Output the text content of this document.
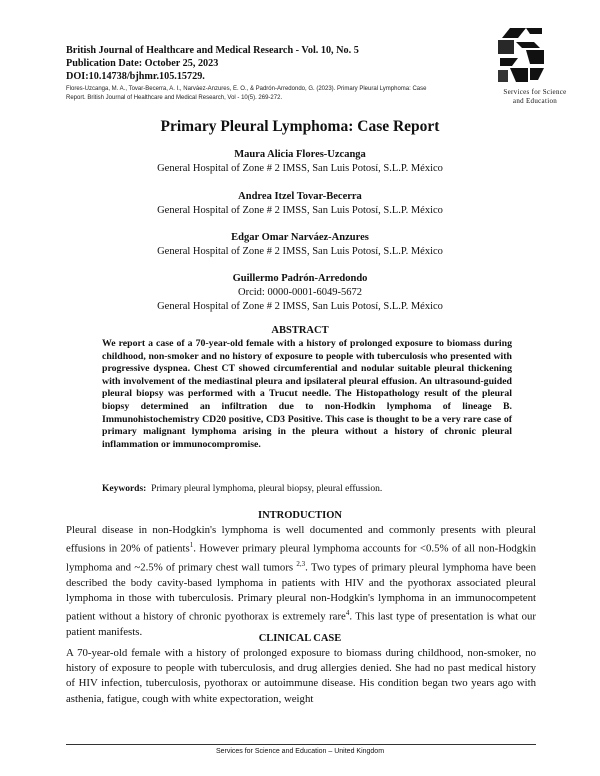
British Journal of Healthcare and Medical Research - Vol. 10, No. 5
Publication Date: October 25, 2023
DOI:10.14738/bjhmr.105.15729.
Flores-Uzcanga, M. A., Tovar-Becerra, A. I., Narváez-Anzures, E. O., & Padrón-Arredondo, G. (2023). Primary Pleural Lymphoma: Case
Report. British Journal of Healthcare and Medical Research, Vol - 10(5). 269-272.
Services for Science
and Education
Primary Pleural Lymphoma: Case Report
Maura Alicia Flores-Uzcanga
General Hospital of Zone # 2 IMSS, San Luis Potosí, S.L.P. México
Andrea Itzel Tovar-Becerra
General Hospital of Zone # 2 IMSS, San Luis Potosí, S.L.P. México
Edgar Omar Narváez-Anzures
General Hospital of Zone # 2 IMSS, San Luis Potosí, S.L.P. México
Guillermo Padrón-Arredondo
Orcid: 0000-0001-6049-5672
General Hospital of Zone # 2 IMSS, San Luis Potosí, S.L.P. México
ABSTRACT
We report a case of a 70-year-old female with a history of prolonged exposure to biomass during childhood, non-smoker and no history of exposure to people with tuberculosis who presented with progressive dyspnea. Chest CT showed circumferential and nodular suitable pleural thickening with involvement of the mediastinal pleura and ipsilateral pleural effusion. An ultrasound-guided pleural biopsy was performed with a Trucut needle. The Histopathology result of the pleural biopsy determined an infiltration due to non-Hodkin lymphoma of lineage B. Immunohistochemistry CD20 positive, CD3 Positive. This case is thought to be a very rare case of primary malignant lymphoma arising in the pleura without a history of chronic pleural inflammation or immunocompromise.
Keywords: Primary pleural lymphoma, pleural biopsy, pleural effussion.
INTRODUCTION
Pleural disease in non-Hodgkin's lymphoma is well documented and commonly presents with pleural effusions in 20% of patients$^1$. However primary pleural lymphoma accounts for <0.5% of all non-Hodgkin lymphoma and ~2.5% of primary chest wall tumors $^{2,3}$. Two types of primary pleural lymphoma have been described the body cavity-based lymphoma in patients with HIV and the pyothorax associated pleural lymphoma in those with tuberculosis. Primary pleural non-Hodgkin's lymphoma in an immunocompetent patient without a history of chronic pyothorax is extremely rare$^4$. This last type of presentation is what our patient manifests.
CLINICAL CASE
A 70-year-old female with a history of prolonged exposure to biomass during childhood, non-smoker, no history of exposure to people with tuberculosis, and drug allergies denied. She had no past medical history of HIV infection, tuberculosis, pyothorax or autoimmune disease. His condition began two years ago with asthenia, fatigue, cough with white expectoration, weight
Services for Science and Education – United Kingdom
